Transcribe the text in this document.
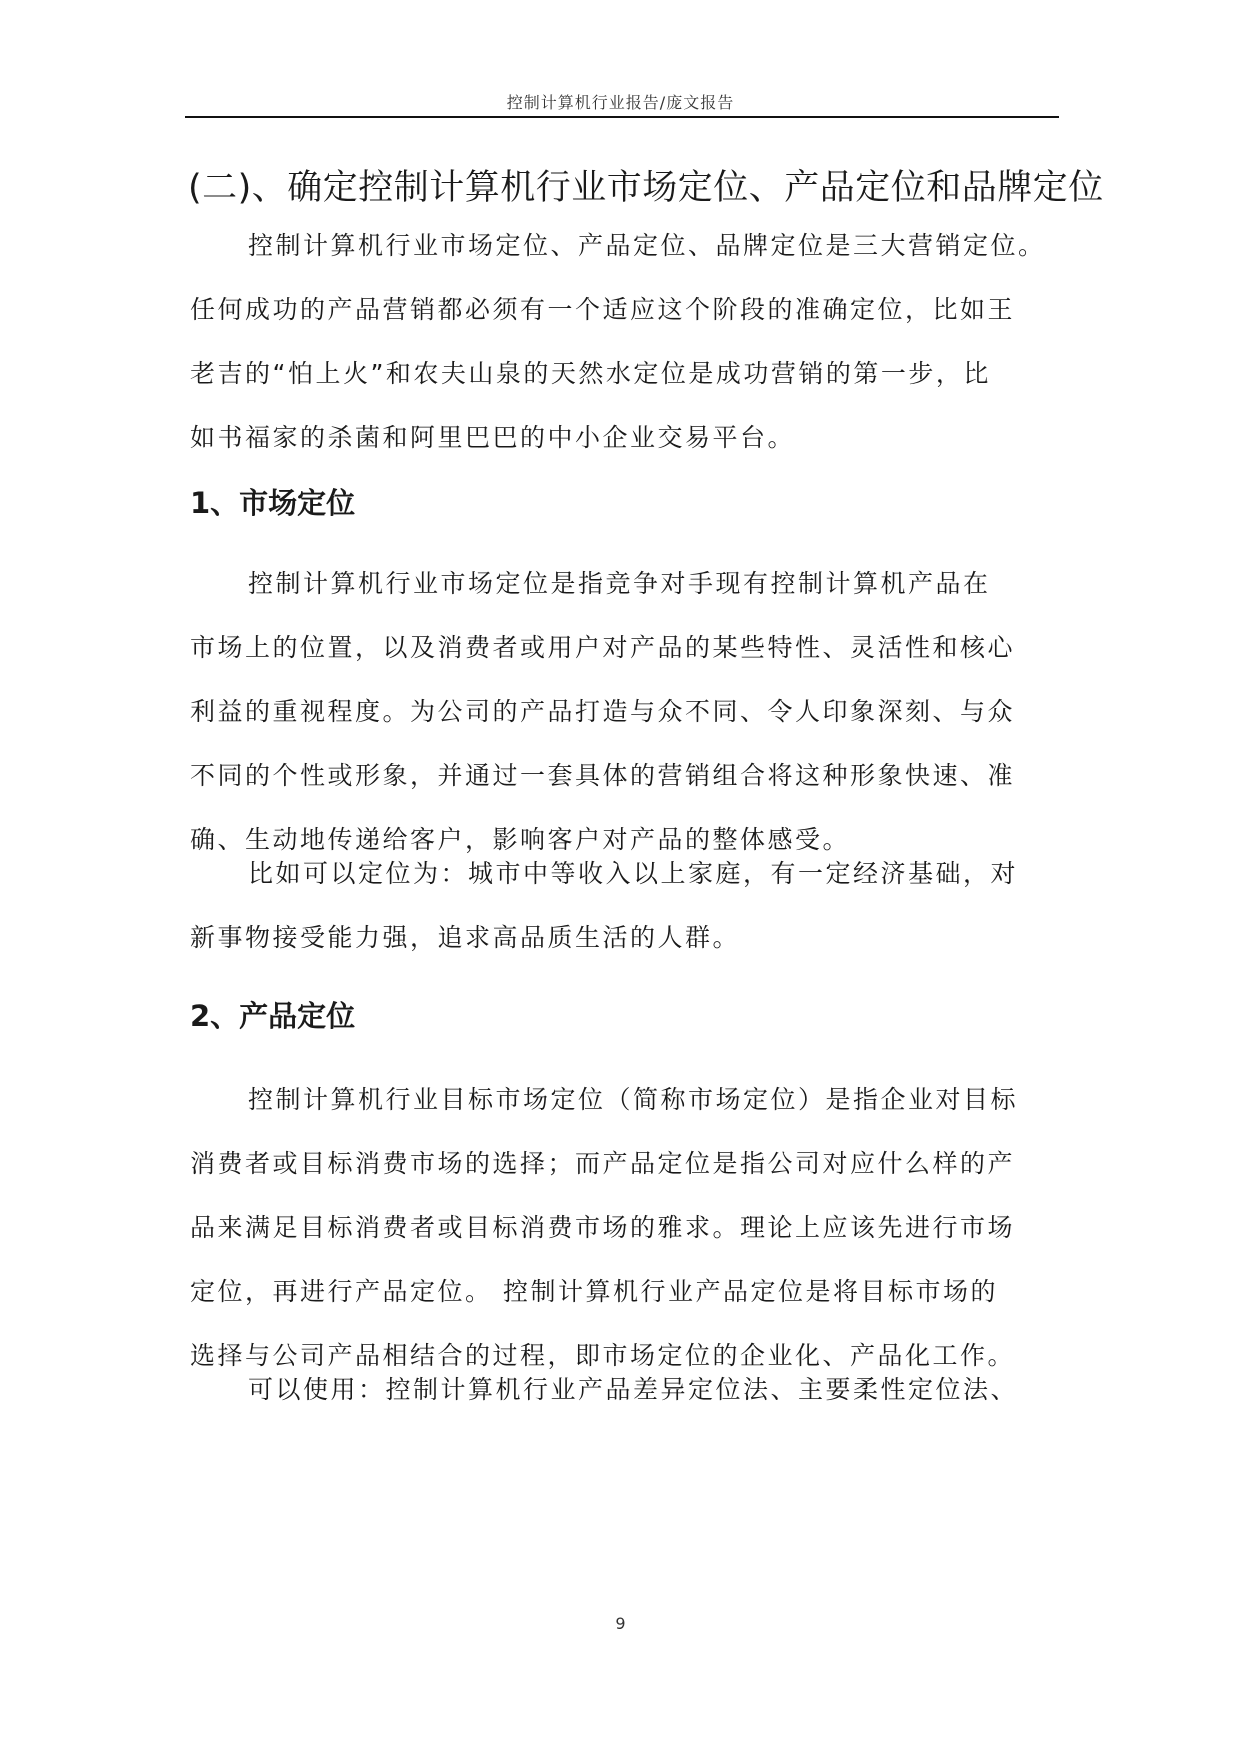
控制计算机行业报告/庞文报告
(二)、确定控制计算机行业市场定位、产品定位和品牌定位
控制计算机行业市场定位、产品定位、品牌定位是三大营销定位。
任何成功的产品营销都必须有一个适应这个阶段的准确定位，比如王
老吉的“怕上火”和农夫山泉的天然水定位是成功营销的第一步，比
如书福家的杀菌和阿里巴巴的中小企业交易平台。
1、市场定位
控制计算机行业市场定位是指竞争对手现有控制计算机产品在
市场上的位置，以及消费者或用户对产品的某些特性、灵活性和核心
利益的重视程度。为公司的产品打造与众不同、令人印象深刻、与众
不同的个性或形象，并通过一套具体的营销组合将这种形象快速、准
确、生动地传递给客户，影响客户对产品的整体感受。
比如可以定位为：城市中等收入以上家庭，有一定经济基础，对
新事物接受能力强，追求高品质生活的人群。
2、产品定位
控制计算机行业目标市场定位（简称市场定位）是指企业对目标
消费者或目标消费市场的选择；而产品定位是指公司对应什么样的产
品来满足目标消费者或目标消费市场的雅求。理论上应该先进行市场
定位，再进行产品定位。 控制计算机行业产品定位是将目标市场的
选择与公司产品相结合的过程，即市场定位的企业化、产品化工作。
可以使用：控制计算机行业产品差异定位法、主要柔性定位法、
9
